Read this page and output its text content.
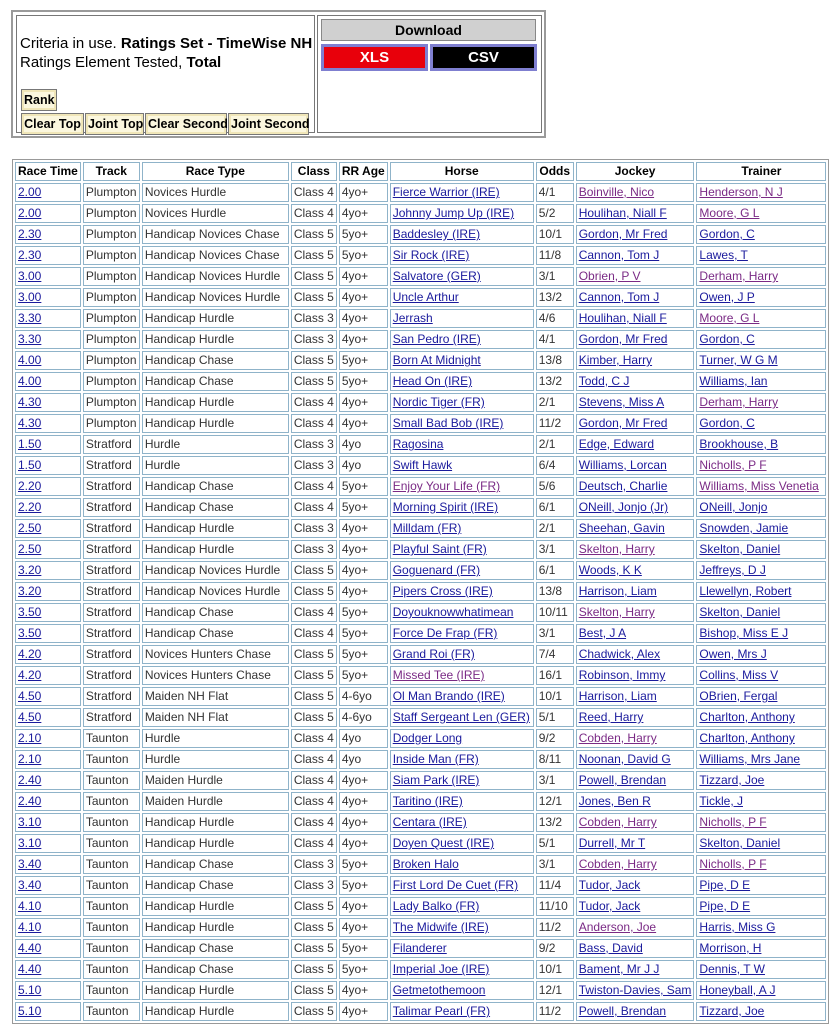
Criteria in use. Ratings Set - TimeWise NH
Ratings Element Tested, Total
Rank
Clear Top Joint Top Clear Second Joint Second
Download
XLS	CSV
Race Time	Track	Race Type	Class	RR Age	Horse	Odds	Jockey	Trainer
2.00	Plumpton	Novices Hurdle	Class 4	4yo+	Fierce Warrior (IRE)	4/1	Boinville, Nico	Henderson, N J
2.00	Plumpton	Novices Hurdle	Class 4	4yo+	Johnny Jump Up (IRE)	5/2	Houlihan, Niall F	Moore, G L
2.30	Plumpton	Handicap Novices Chase	Class 5	5yo+	Baddesley (IRE)	10/1	Gordon, Mr Fred	Gordon, C
2.30	Plumpton	Handicap Novices Chase	Class 5	5yo+	Sir Rock (IRE)	11/8	Cannon, Tom J	Lawes, T
3.00	Plumpton	Handicap Novices Hurdle	Class 5	4yo+	Salvatore (GER)	3/1	Obrien, P V	Derham, Harry
3.00	Plumpton	Handicap Novices Hurdle	Class 5	4yo+	Uncle Arthur	13/2	Cannon, Tom J	Owen, J P
3.30	Plumpton	Handicap Hurdle	Class 3	4yo+	Jerrash	4/6	Houlihan, Niall F	Moore, G L
3.30	Plumpton	Handicap Hurdle	Class 3	4yo+	San Pedro (IRE)	4/1	Gordon, Mr Fred	Gordon, C
4.00	Plumpton	Handicap Chase	Class 5	5yo+	Born At Midnight	13/8	Kimber, Harry	Turner, W G M
4.00	Plumpton	Handicap Chase	Class 5	5yo+	Head On (IRE)	13/2	Todd, C J	Williams, Ian
4.30	Plumpton	Handicap Hurdle	Class 4	4yo+	Nordic Tiger (FR)	2/1	Stevens, Miss A	Derham, Harry
4.30	Plumpton	Handicap Hurdle	Class 4	4yo+	Small Bad Bob (IRE)	11/2	Gordon, Mr Fred	Gordon, C
1.50	Stratford	Hurdle	Class 3	4yo	Ragosina	2/1	Edge, Edward	Brookhouse, B
1.50	Stratford	Hurdle	Class 3	4yo	Swift Hawk	6/4	Williams, Lorcan	Nicholls, P F
2.20	Stratford	Handicap Chase	Class 4	5yo+	Enjoy Your Life (FR)	5/6	Deutsch, Charlie	Williams, Miss Venetia
2.20	Stratford	Handicap Chase	Class 4	5yo+	Morning Spirit (IRE)	6/1	ONeill, Jonjo (Jr)	ONeill, Jonjo
2.50	Stratford	Handicap Hurdle	Class 3	4yo+	Milldam (FR)	2/1	Sheehan, Gavin	Snowden, Jamie
2.50	Stratford	Handicap Hurdle	Class 3	4yo+	Playful Saint (FR)	3/1	Skelton, Harry	Skelton, Daniel
3.20	Stratford	Handicap Novices Hurdle	Class 5	4yo+	Goguenard (FR)	6/1	Woods, K K	Jeffreys, D J
3.20	Stratford	Handicap Novices Hurdle	Class 5	4yo+	Pipers Cross (IRE)	13/8	Harrison, Liam	Llewellyn, Robert
3.50	Stratford	Handicap Chase	Class 4	5yo+	Doyouknowwhatimean	10/11	Skelton, Harry	Skelton, Daniel
3.50	Stratford	Handicap Chase	Class 4	5yo+	Force De Frap (FR)	3/1	Best, J A	Bishop, Miss E J
4.20	Stratford	Novices Hunters Chase	Class 5	5yo+	Grand Roi (FR)	7/4	Chadwick, Alex	Owen, Mrs J
4.20	Stratford	Novices Hunters Chase	Class 5	5yo+	Missed Tee (IRE)	16/1	Robinson, Immy	Collins, Miss V
4.50	Stratford	Maiden NH Flat	Class 5	4-6yo	Ol Man Brando (IRE)	10/1	Harrison, Liam	OBrien, Fergal
4.50	Stratford	Maiden NH Flat	Class 5	4-6yo	Staff Sergeant Len (GER)	5/1	Reed, Harry	Charlton, Anthony
2.10	Taunton	Hurdle	Class 4	4yo	Dodger Long	9/2	Cobden, Harry	Charlton, Anthony
2.10	Taunton	Hurdle	Class 4	4yo	Inside Man (FR)	8/11	Noonan, David G	Williams, Mrs Jane
2.40	Taunton	Maiden Hurdle	Class 4	4yo+	Siam Park (IRE)	3/1	Powell, Brendan	Tizzard, Joe
2.40	Taunton	Maiden Hurdle	Class 4	4yo+	Taritino (IRE)	12/1	Jones, Ben R	Tickle, J
3.10	Taunton	Handicap Hurdle	Class 4	4yo+	Centara (IRE)	13/2	Cobden, Harry	Nicholls, P F
3.10	Taunton	Handicap Hurdle	Class 4	4yo+	Doyen Quest (IRE)	5/1	Durrell, Mr T	Skelton, Daniel
3.40	Taunton	Handicap Chase	Class 3	5yo+	Broken Halo	3/1	Cobden, Harry	Nicholls, P F
3.40	Taunton	Handicap Chase	Class 3	5yo+	First Lord De Cuet (FR)	11/4	Tudor, Jack	Pipe, D E
4.10	Taunton	Handicap Hurdle	Class 5	4yo+	Lady Balko (FR)	11/10	Tudor, Jack	Pipe, D E
4.10	Taunton	Handicap Hurdle	Class 5	4yo+	The Midwife (IRE)	11/2	Anderson, Joe	Harris, Miss G
4.40	Taunton	Handicap Chase	Class 5	5yo+	Filanderer	9/2	Bass, David	Morrison, H
4.40	Taunton	Handicap Chase	Class 5	5yo+	Imperial Joe (IRE)	10/1	Bament, Mr J J	Dennis, T W
5.10	Taunton	Handicap Hurdle	Class 5	4yo+	Getmetothemoon	12/1	Twiston-Davies, Sam	Honeyball, A J
5.10	Taunton	Handicap Hurdle	Class 5	4yo+	Talimar Pearl (FR)	11/2	Powell, Brendan	Tizzard, Joe
